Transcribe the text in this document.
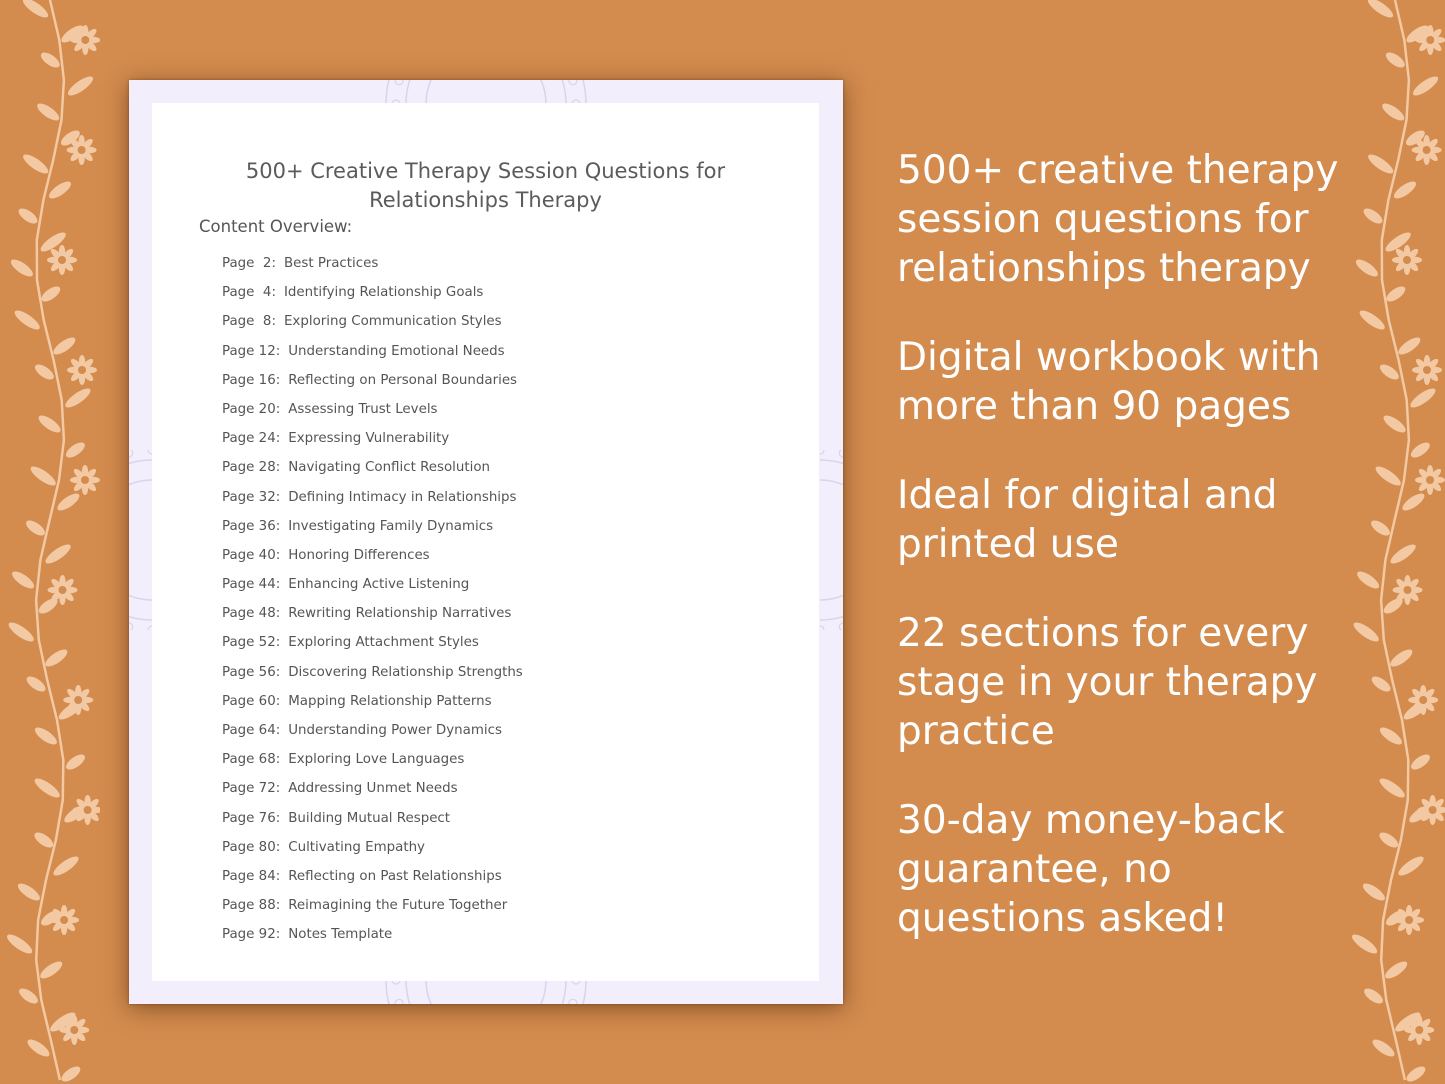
500+ Creative Therapy Session Questions for
Relationships Therapy
Content Overview:
Page  2: Best Practices
Page  4: Identifying Relationship Goals
Page  8: Exploring Communication Styles
Page 12: Understanding Emotional Needs
Page 16: Reflecting on Personal Boundaries
Page 20: Assessing Trust Levels
Page 24: Expressing Vulnerability
Page 28: Navigating Conflict Resolution
Page 32: Defining Intimacy in Relationships
Page 36: Investigating Family Dynamics
Page 40: Honoring Differences
Page 44: Enhancing Active Listening
Page 48: Rewriting Relationship Narratives
Page 52: Exploring Attachment Styles
Page 56: Discovering Relationship Strengths
Page 60: Mapping Relationship Patterns
Page 64: Understanding Power Dynamics
Page 68: Exploring Love Languages
Page 72: Addressing Unmet Needs
Page 76: Building Mutual Respect
Page 80: Cultivating Empathy
Page 84: Reflecting on Past Relationships
Page 88: Reimagining the Future Together
Page 92: Notes Template

500+ creative therapy session questions for relationships therapy

Digital workbook with more than 90 pages

Ideal for digital and printed use

22 sections for every stage in your therapy practice

30-day money-back guarantee, no questions asked!
